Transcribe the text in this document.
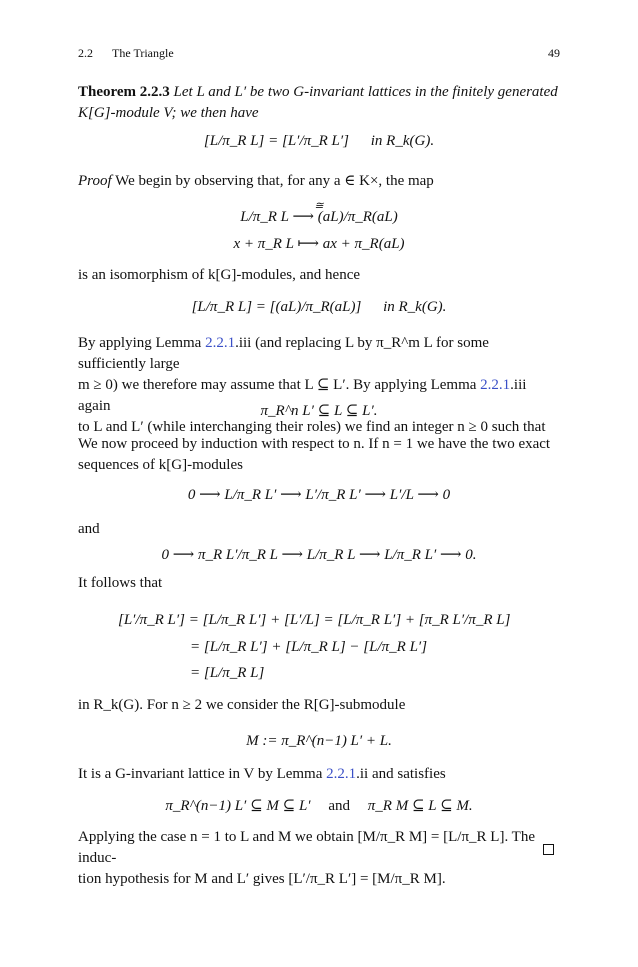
2.2 The Triangle	49

Theorem 2.2.3 Let L and L′ be two G-invariant lattices in the finitely generated
K[G]-module V; we then have

[L/π_R L] = [L′/π_R L′] in R_k(G).

Proof We begin by observing that, for any a ∈ K×, the map

≅
L/π_R L ⟶ (aL)/π_R(aL)

x + π_R L ⟼ ax + π_R(aL)

is an isomorphism of k[G]-modules, and hence

[L/π_R L] = [(aL)/π_R(aL)] in R_k(G).

By applying Lemma 2.2.1.iii (and replacing L by π_R^m L for some sufficiently large
m ≥ 0) we therefore may assume that L ⊆ L′. By applying Lemma 2.2.1.iii again
to L and L′ (while interchanging their roles) we find an integer n ≥ 0 such that

π_R^n L′ ⊆ L ⊆ L′.

We now proceed by induction with respect to n. If n = 1 we have the two exact
sequences of k[G]-modules

0 ⟶ L/π_R L′ ⟶ L′/π_R L′ ⟶ L′/L ⟶ 0

and

0 ⟶ π_R L′/π_R L ⟶ L/π_R L ⟶ L/π_R L′ ⟶ 0.

It follows that

[L′/π_R L′] = [L/π_R L′] + [L′/L] = [L/π_R L′] + [π_R L′/π_R L]
= [L/π_R L′] + [L/π_R L] − [L/π_R L′]
= [L/π_R L]

in R_k(G). For n ≥ 2 we consider the R[G]-submodule

M := π_R^(n−1) L′ + L.

It is a G-invariant lattice in V by Lemma 2.2.1.ii and satisfies

π_R^(n−1) L′ ⊆ M ⊆ L′ and π_R M ⊆ L ⊆ M.

Applying the case n = 1 to L and M we obtain [M/π_R M] = [L/π_R L]. The induc-
tion hypothesis for M and L′ gives [L′/π_R L′] = [M/π_R M].
